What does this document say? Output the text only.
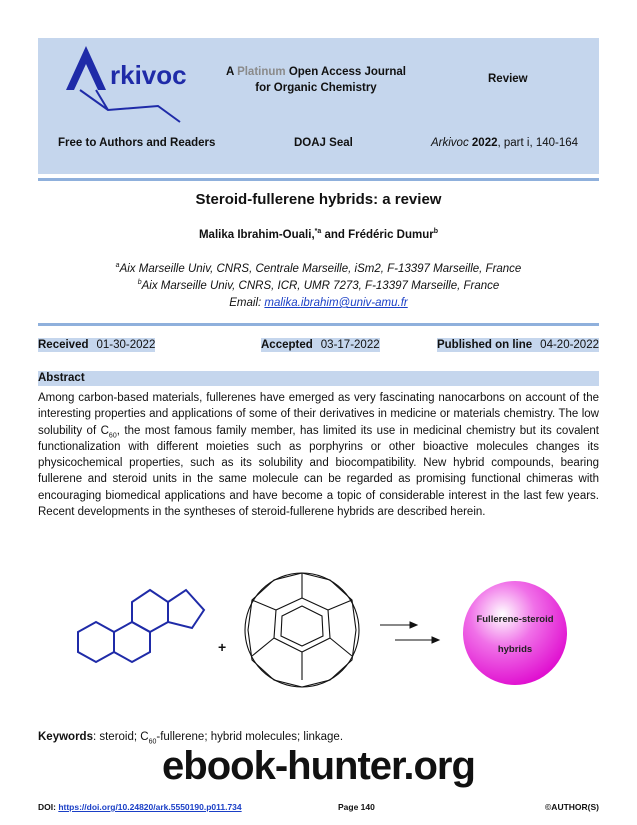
rkivoc	A Platinum Open Access Journal
for Organic Chemistry
Review
Free to Authors and Readers	DOAJ Seal	Arkivoc 2022, part i, 140-164
Steroid-fullerene hybrids: a review
Malika Ibrahim-Ouali,$^{*a}$ and Frédéric Dumur$^b$
$^a$Aix Marseille Univ, CNRS, Centrale Marseille, iSm2, F-13397 Marseille, France
$^b$Aix Marseille Univ, CNRS, ICR, UMR 7273, F-13397 Marseille, France
Email: malika.ibrahim@univ-amu.fr
Received 01-30-2022	Accepted 03-17-2022	Published on line 04-20-2022
Abstract
Among carbon-based materials, fullerenes have emerged as very fascinating nanocarbons on account of the interesting properties and applications of some of their derivatives in medicine or materials chemistry. The low solubility of $C_{60}$, the most famous family member, has limited its use in medicinal chemistry but its covalent functionalization with different moieties such as porphyrins or other bioactive molecules changes its physicochemical properties, such as its solubility and biocompatibility. New hybrid compounds, bearing fullerene and steroid units in the same molecule can be regarded as promising functional chimeras with encouraging biomedical applications and have become a topic of considerable interest in the last few years. Recent developments in the syntheses of steroid-fullerene hybrids are described herein.
+
Fullerene-steroid
hybrids
Keywords: steroid; $C_{60}$-fullerene; hybrid molecules; linkage.
ebook-hunter.org
DOI: https://doi.org/10.24820/ark.5550190.p011.734	Page 140	©AUTHOR(S)
